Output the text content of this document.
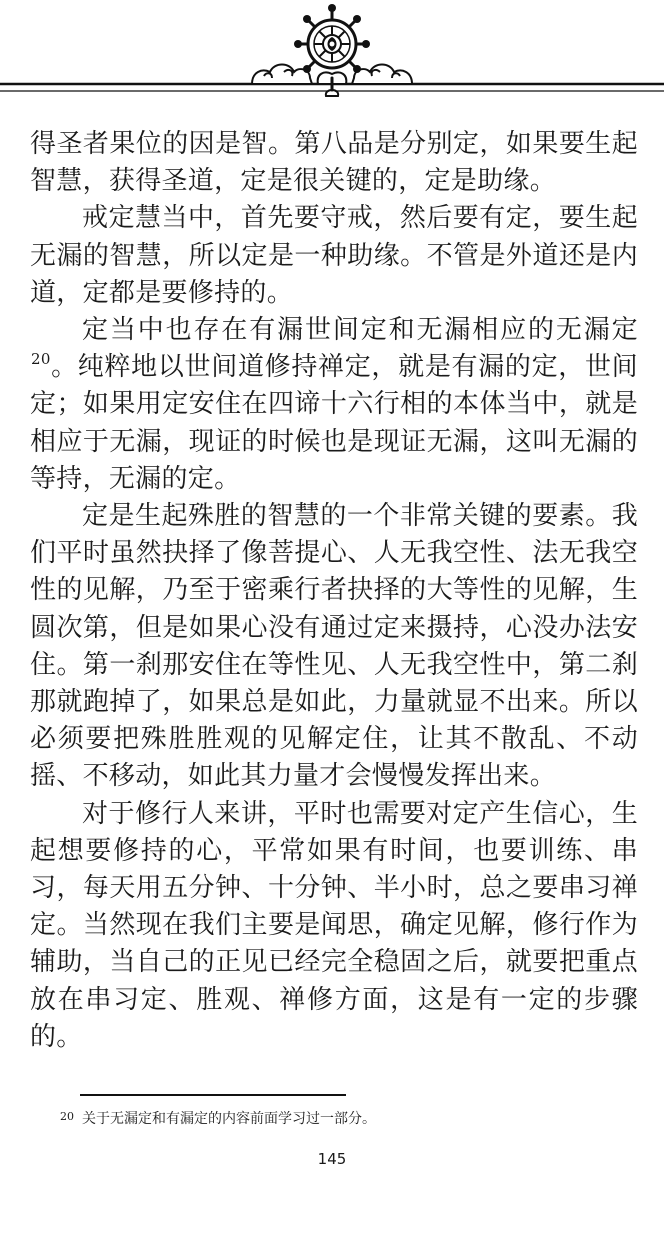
得圣者果位的因是智。第八品是分别定，如果要生起智慧，获得圣道，定是很关键的，定是助缘。

戒定慧当中，首先要守戒，然后要有定，要生起无漏的智慧，所以定是一种助缘。不管是外道还是内道，定都是要修持的。

定当中也存在有漏世间定和无漏相应的无漏定$^{20}$。纯粹地以世间道修持禅定，就是有漏的定，世间定；如果用定安住在四谛十六行相的本体当中，就是相应于无漏，现证的时候也是现证无漏，这叫无漏的等持，无漏的定。

定是生起殊胜的智慧的一个非常关键的要素。我们平时虽然抉择了像菩提心、人无我空性、法无我空性的见解，乃至于密乘行者抉择的大等性的见解，生圆次第，但是如果心没有通过定来摄持，心没办法安住。第一刹那安住在等性见、人无我空性中，第二刹那就跑掉了，如果总是如此，力量就显不出来。所以必须要把殊胜胜观的见解定住，让其不散乱、不动摇、不移动，如此其力量才会慢慢发挥出来。

对于修行人来讲，平时也需要对定产生信心，生起想要修持的心，平常如果有时间，也要训练、串习，每天用五分钟、十分钟、半小时，总之要串习禅定。当然现在我们主要是闻思，确定见解，修行作为辅助，当自己的正见已经完全稳固之后，就要把重点放在串习定、胜观、禅修方面，这是有一定的步骤的。

$^{20}$ 关于无漏定和有漏定的内容前面学习过一部分。
145
